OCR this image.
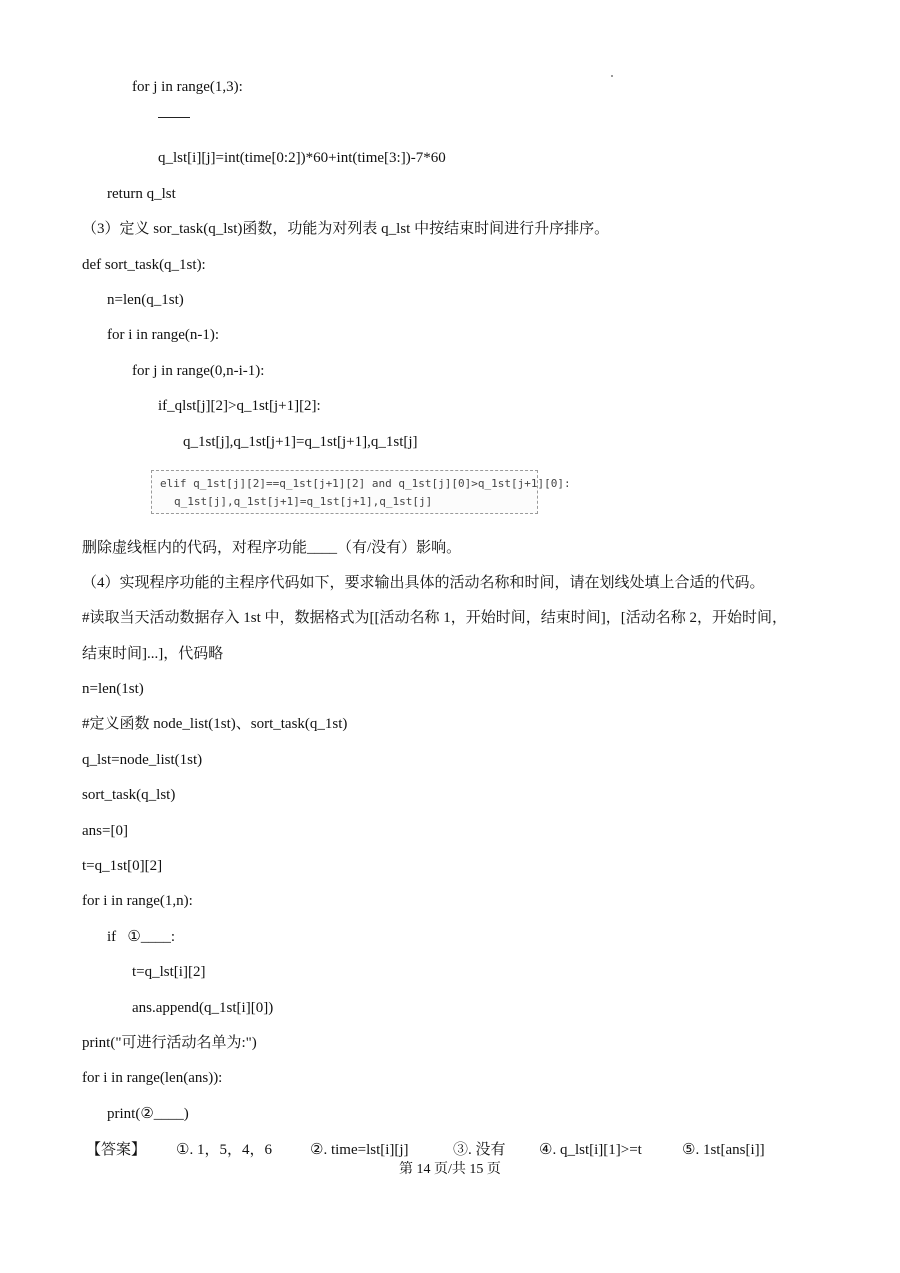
for j in range(1,3):
q_lst[i][j]=int(time[0:2])*60+int(time[3:])-7*60
return q_lst
（3）定义 sor_task(q_lst)函数，功能为对列表 q_lst 中按结束时间进行升序排序。
def sort_task(q_1st):
n=len(q_1st)
for i in range(n-1):
for j in range(0,n-i-1):
if_qlst[j][2]>q_1st[j+1][2]:
q_1st[j],q_1st[j+1]=q_1st[j+1],q_1st[j]
elif q_1st[j][2]==q_1st[j+1][2] and q_1st[j][0]>q_1st[j+1][0]:
q_1st[j],q_1st[j+1]=q_1st[j+1],q_1st[j]
删除虚线框内的代码，对程序功能____（有/没有）影响。
（4）实现程序功能的主程序代码如下，要求输出具体的活动名称和时间，请在划线处填上合适的代码。
#读取当天活动数据存入 1st 中，数据格式为[[活动名称 1，开始时间，结束时间]，[活动名称 2，开始时间，
结束时间]...]，代码略
n=len(1st)
#定义函数 node_list(1st)、sort_task(q_1st)
q_lst=node_list(1st)
sort_task(q_lst)
ans=[0]
t=q_1st[0][2]
for i in range(1,n):
if   ①____:
t=q_lst[i][2]
ans.append(q_1st[i][0])
print("可进行活动名单为:")
for i in range(len(ans)):
print(②____)
【答案】 ①. 1，5，4，6	②. time=lst[i][j]	③. 没有 ④. q_lst[i][1]>=t	⑤. 1st[ans[i]]
第 14 页/共 15 页
